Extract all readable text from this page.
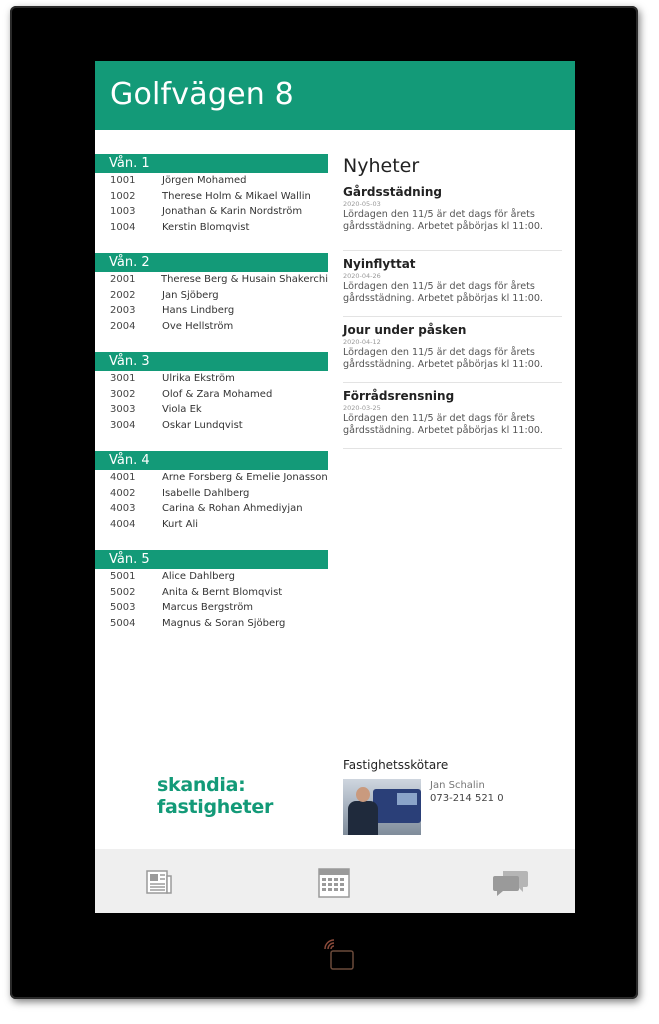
Golfvägen 8
Vån. 1
1001	Jörgen Mohamed
1002	Therese Holm & Mikael Wallin
1003	Jonathan & Karin Nordström
1004	Kerstin Blomqvist
Vån. 2
2001	Therese Berg & Husain Shakerchi
2002	Jan Sjöberg
2003	Hans Lindberg
2004	Ove Hellström
Vån. 3
3001	Ulrika Ekström
3002	Olof & Zara Mohamed
3003	Viola Ek
3004	Oskar Lundqvist
Vån. 4
4001	Arne Forsberg & Emelie Jonasson
4002	Isabelle Dahlberg
4003	Carina & Rohan Ahmediyjan
4004	Kurt Ali
Vån. 5
5001	Alice Dahlberg
5002	Anita & Bernt Blomqvist
5003	Marcus Bergström
5004	Magnus & Soran Sjöberg
Nyheter
Gårdsstädning
2020-05-03
Lördagen den 11/5 är det dags för årets gårdsstädning. Arbetet påbörjas kl 11:00.
Nyinflyttat
2020-04-26
Lördagen den 11/5 är det dags för årets gårdsstädning. Arbetet påbörjas kl 11:00.
Jour under påsken
2020-04-12
Lördagen den 11/5 är det dags för årets gårdsstädning. Arbetet påbörjas kl 11:00.
Förrådsrensning
2020-03-25
Lördagen den 11/5 är det dags för årets gårdsstädning. Arbetet påbörjas kl 11:00.
skandia:
fastigheter
Fastighetsskötare
Jan Schalin
073-214 521 0
